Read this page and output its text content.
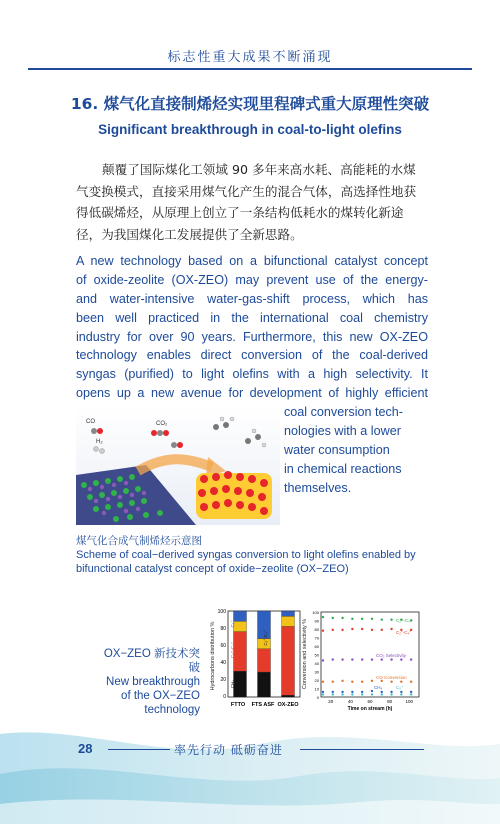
标志性重大成果不断涌现
16. 煤气化直接制烯烃实现里程碑式重大原理性突破
Significant breakthrough in coal-to-light olefins
颠覆了国际煤化工领域 90 多年来高水耗、高能耗的水煤气变换模式，直接采用煤气化产生的混合气体，高选择性地获得低碳烯烃，从原理上创立了一条结构低耗水的煤转化新途径，为我国煤化工发展提供了全新思路。
A new technology based on a bifunctional catalyst concept
of oxide-zeolite (OX-ZEO) may prevent use of the energy-
and water-intensive water-gas-shift process, which has
been well practiced in the international coal chemistry
industry for over 90 years. Furthermore, this new OX-ZEO
technology enables direct conversion of the coal-derived
syngas (purified) to light olefins with a high selectivity. It
opens up a new avenue for development of highly efficient
coal conversion tech-
nologies with a lower
water consumption
in chemical reactions
themselves.
CO
H₂
CO₂
煤气化合成气制烯烃示意图
Scheme of coal−derived syngas conversion to light olefins enabled by bifunctional catalyst concept of oxide−zeolite (OX−ZEO)
OX−ZEO 新技术突破
New breakthrough
of the OX−ZEO
technology
Hydrocarbons distribution %
0
20
40
60
80
100
FTTO FTS ASF OX-ZEO
C₅⁺
C₂⁼-C₄⁼
CH₄
C₂°-C₄°	Conversion and selectivity %
0
10
20
30
40
50
60
70
80
90
100
20	40	60	80	100
Time on stream (h)
C₂⁼-C₄⁼
C₂°-C₄°
CO₂ Selectivity
CO Conversion
CH₄	C₅⁺
28	率先行动 砥砺奋进
